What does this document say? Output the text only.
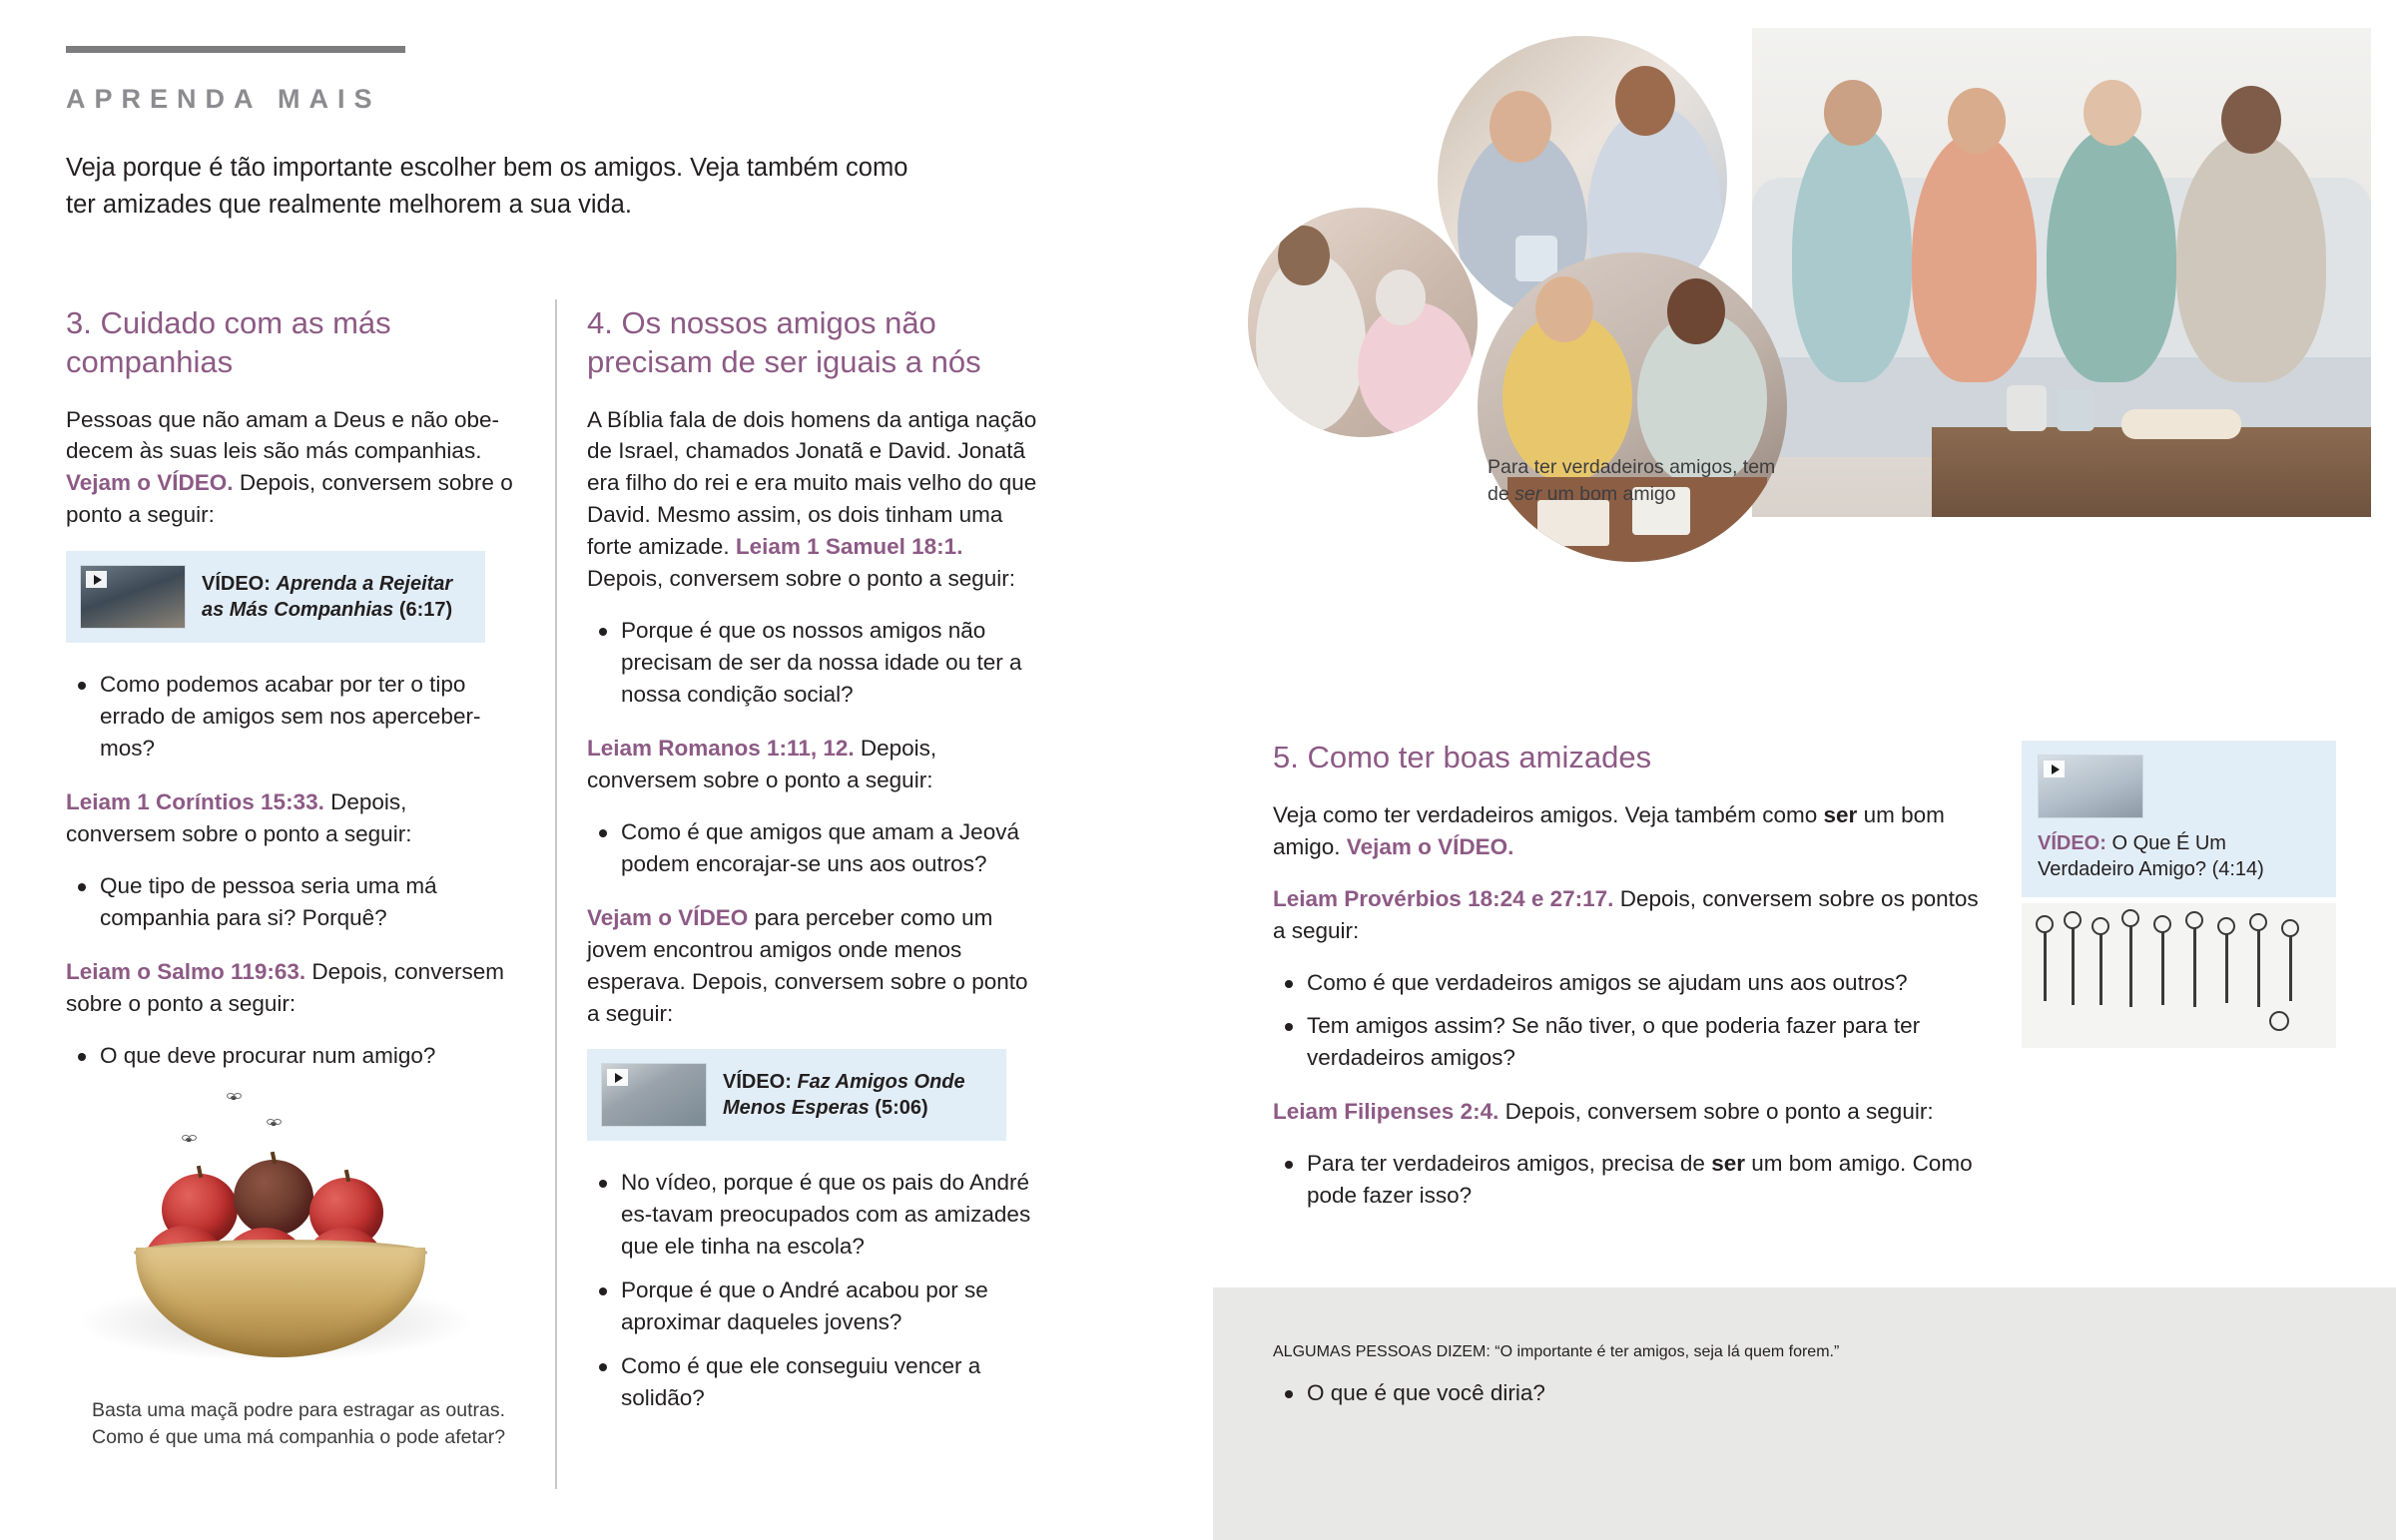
APRENDA MAIS
Veja porque é tão importante escolher bem os amigos. Veja também como ter amizades que realmente melhorem a sua vida.
3. Cuidado com as más companhias

Pessoas que não amam a Deus e não obe-decem às suas leis são más companhias. Vejam o VÍDEO. Depois, conversem sobre o ponto a seguir:

VÍDEO: Aprenda a Rejeitar as Más Companhias (6:17)
Como podemos acabar por ter o tipo errado de amigos sem nos aperceber-mos?

Leiam 1 Coríntios 15:33. Depois, conversem sobre o ponto a seguir:

Que tipo de pessoa seria uma má companhia para si? Porquê?

Leiam o Salmo 119:63. Depois, conversem sobre o ponto a seguir:

O que deve procurar num amigo?
Basta uma maçã podre para estragar as outras. Como é que uma má companhia o pode afetar?
4. Os nossos amigos não precisam de ser iguais a nós

A Bíblia fala de dois homens da antiga nação de Israel, chamados Jonatã e David. Jonatã era filho do rei e era muito mais velho do que David. Mesmo assim, os dois tinham uma forte amizade. Leiam 1 Samuel 18:1. Depois, conversem sobre o ponto a seguir:

Porque é que os nossos amigos não precisam de ser da nossa idade ou ter a nossa condição social?

Leiam Romanos 1:11, 12. Depois, conversem sobre o ponto a seguir:

Como é que amigos que amam a Jeová podem encorajar-se uns aos outros?

Vejam o VÍDEO para perceber como um jovem encontrou amigos onde menos esperava. Depois, conversem sobre o ponto a seguir:

VÍDEO: Faz Amigos Onde Menos Esperas (5:06)
No vídeo, porque é que os pais do André es-tavam preocupados com as amizades que ele tinha na escola?
Porque é que o André acabou por se aproximar daqueles jovens?
Como é que ele conseguiu vencer a solidão?
Para ter verdadeiros amigos, tem de ser um bom amigo
5. Como ter boas amizades

Veja como ter verdadeiros amigos. Veja também como ser um bom amigo. Vejam o VÍDEO.

Leiam Provérbios 18:24 e 27:17. Depois, conversem sobre os pontos a seguir:

Como é que verdadeiros amigos se ajudam uns aos outros?
Tem amigos assim? Se não tiver, o que poderia fazer para ter verdadeiros amigos?

Leiam Filipenses 2:4. Depois, conversem sobre o ponto a seguir:

Para ter verdadeiros amigos, precisa de ser um bom amigo. Como pode fazer isso?
VÍDEO: O Que É Um Verdadeiro Amigo? (4:14)

ALGUMAS PESSOAS DIZEM: “O importante é ter amigos, seja lá quem forem.”

O que é que você diria?
